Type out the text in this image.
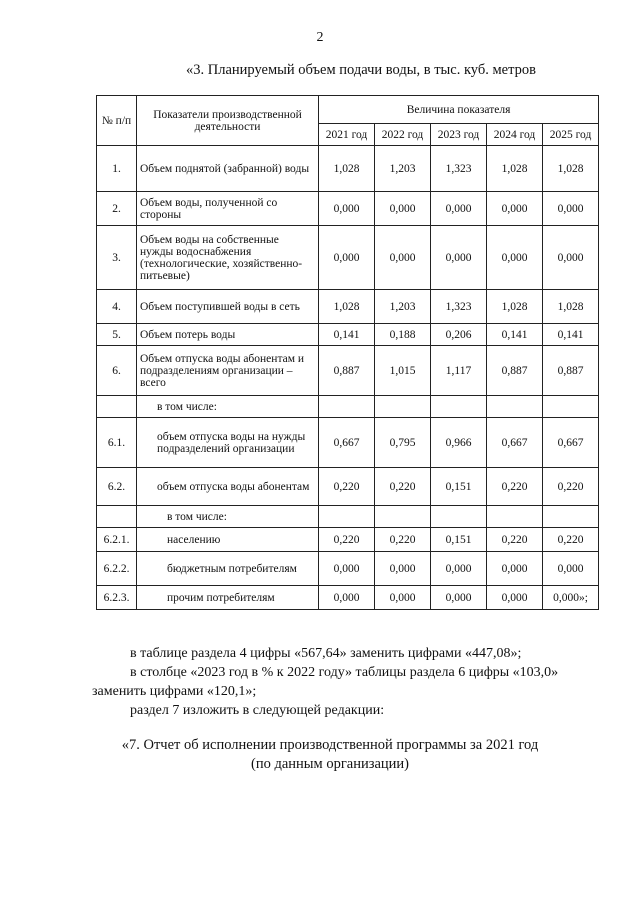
2
«3. Планируемый объем подачи воды, в тыс. куб. метров
№ п/п	Показатели производственной деятельности	Величина показателя				
		2021 год	2022 год	2023 год	2024 год	2025 год
1.	Объем поднятой (забранной) воды	1,028	1,203	1,323	1,028	1,028
2.	Объем воды, полученной со стороны	0,000	0,000	0,000	0,000	0,000
3.	Объем воды на собственные нужды водоснабжения (технологические, хозяйственно-питьевые)	0,000	0,000	0,000	0,000	0,000
4.	Объем поступившей воды в сеть	1,028	1,203	1,323	1,028	1,028
5.	Объем потерь воды	0,141	0,188	0,206	0,141	0,141
6.	Объем отпуска воды абонентам и подразделениям организации – всего	0,887	1,015	1,117	0,887	0,887
	в том числе:					
6.1.	объем отпуска воды на нужды подразделений организации	0,667	0,795	0,966	0,667	0,667
6.2.	объем отпуска воды абонентам	0,220	0,220	0,151	0,220	0,220
	в том числе:					
6.2.1.	населению	0,220	0,220	0,151	0,220	0,220
6.2.2.	бюджетным потребителям	0,000	0,000	0,000	0,000	0,000
6.2.3.	прочим потребителям	0,000	0,000	0,000	0,000	0,000»;
в таблице раздела 4 цифры «567,64» заменить цифрами «447,08»;
в столбце «2023 год в % к 2022 году» таблицы раздела 6 цифры «103,0»
заменить цифрами «120,1»;
раздел 7 изложить в следующей редакции:
«7. Отчет об исполнении производственной программы за 2021 год
(по данным организации)
